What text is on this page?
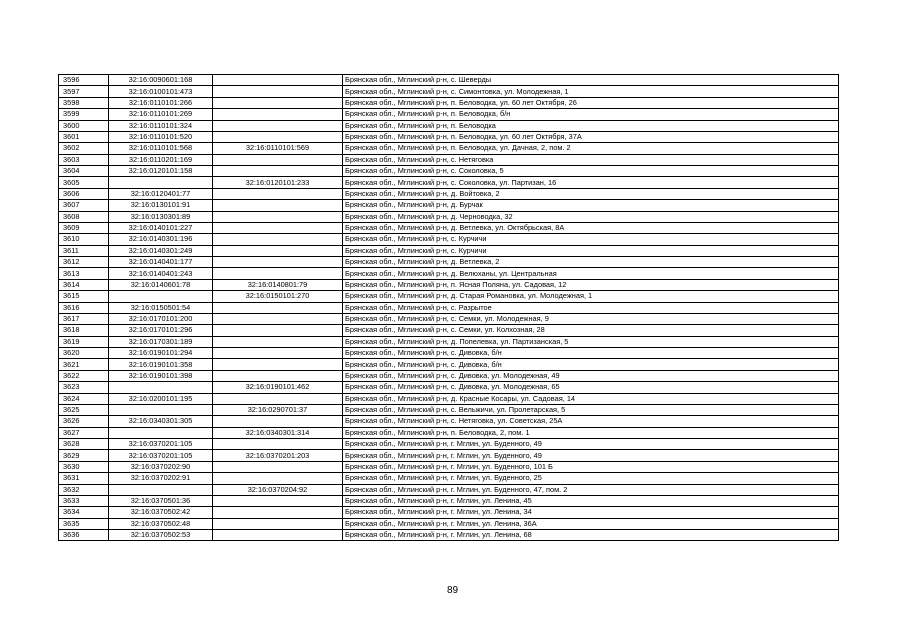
3596	32:16:0090601:168		Брянская обл., Мглинский р-н, с. Шеверды
3597	32:16:0100101:473		Брянская обл., Мглинский р-н, с. Симонтовка, ул. Молодежная, 1
3598	32:16:0110101:266		Брянская обл., Мглинский р-н, п. Беловодка, ул. 60 лет Октября, 26
3599	32:16:0110101:269		Брянская обл., Мглинский р-н, п. Беловодка, б/н
3600	32:16:0110101:324		Брянская обл., Мглинский р-н, п. Беловодка
3601	32:16:0110101:520		Брянская обл., Мглинский р-н, п. Беловодка, ул. 60 лет Октября, 37А
3602	32:16:0110101:568	32:16:0110101:569	Брянская обл., Мглинский р-н, п. Беловодка, ул. Дачная, 2, пом. 2
3603	32:16:0110201:169		Брянская обл., Мглинский р-н, с. Нетяговка
3604	32:16:0120101:158		Брянская обл., Мглинский р-н, с. Соколовка, 5
3605		32:16:0120101:233	Брянская обл., Мглинский р-н, с. Соколовка, ул. Партизан, 16
3606	32:16:0120401:77		Брянская обл., Мглинский р-н, д. Войтовка, 2
3607	32:16:0130101:91		Брянская обл., Мглинский р-н, д. Бурчак
3608	32:16:0130301:89		Брянская обл., Мглинский р-н, д. Черноводка, 32
3609	32:16:0140101:227		Брянская обл., Мглинский р-н, д. Ветлевка, ул. Октябрьская, 8А
3610	32:16:0140301:196		Брянская обл., Мглинский р-н, с. Курчичи
3611	32:16:0140301:249		Брянская обл., Мглинский р-н, с. Курчичи
3612	32:16:0140401:177		Брянская обл., Мглинский р-н, д. Ветлевка, 2
3613	32:16:0140401:243		Брянская обл., Мглинский р-н, д. Велюханы, ул. Центральная
3614	32:16:0140601:78	32:16:0140801:79	Брянская обл., Мглинский р-н, п. Ясная Поляна, ул. Садовая, 12
3615		32:16:0150101:270	Брянская обл., Мглинский р-н, д. Старая Романовка, ул. Молодежная, 1
3616	32:16:0150501:54		Брянская обл., Мглинский р-н, с. Разрытое
3617	32:16:0170101:200		Брянская обл., Мглинский р-н, с. Семки, ул. Молодежная, 9
3618	32:16:0170101:296		Брянская обл., Мглинский р-н, с. Семки, ул. Колхозная, 28
3619	32:16:0170301:189		Брянская обл., Мглинский р-н, д. Попелевка, ул. Партизанская, 5
3620	32:16:0190101:294		Брянская обл., Мглинский р-н, с. Дивовка, б/н
3621	32:16:0190101:358		Брянская обл., Мглинский р-н, с. Дивовка, б/н
3622	32:16:0190101:398		Брянская обл., Мглинский р-н, с. Дивовка, ул. Молодежная, 49
3623		32:16:0190101:462	Брянская обл., Мглинский р-н, с. Дивовка, ул. Молодежная, 65
3624	32:16:0200101:195		Брянская обл., Мглинский р-н, д. Красные Косары, ул. Садовая, 14
3625		32:16:0290701:37	Брянская обл., Мглинский р-н, с. Вельжичи, ул. Пролетарская, 5
3626	32:16:0340301:305		Брянская обл., Мглинский р-н, с. Нетяговка, ул. Советская, 25А
3627		32:16:0340301:314	Брянская обл., Мглинский р-н, п. Беловодка, 2, пом. 1
3628	32:16:0370201:105		Брянская обл., Мглинский р-н, г. Мглин, ул. Буденного, 49
3629	32:16:0370201:105	32:16:0370201:203	Брянская обл., Мглинский р-н, г. Мглин, ул. Буденного, 49
3630	32:16:0370202:90		Брянская обл., Мглинский р-н, г. Мглин, ул. Буденного, 101 Б
3631	32:16:0370202:91		Брянская обл., Мглинский р-н, г. Мглин, ул. Буденного, 25
3632		32:16:0370204:92	Брянская обл., Мглинский р-н, г. Мглин, ул. Буденного, 47, пом. 2
3633	32:16:0370501:36		Брянская обл., Мглинский р-н, г. Мглин, ул. Ленина, 45
3634	32:16:0370502:42		Брянская обл., Мглинский р-н, г. Мглин, ул. Ленина, 34
3635	32:16:0370502:48		Брянская обл., Мглинский р-н, г. Мглин, ул. Ленина, 36А
3636	32:16:0370502:53		Брянская обл., Мглинский р-н, г. Мглин, ул. Ленина, 68
89
